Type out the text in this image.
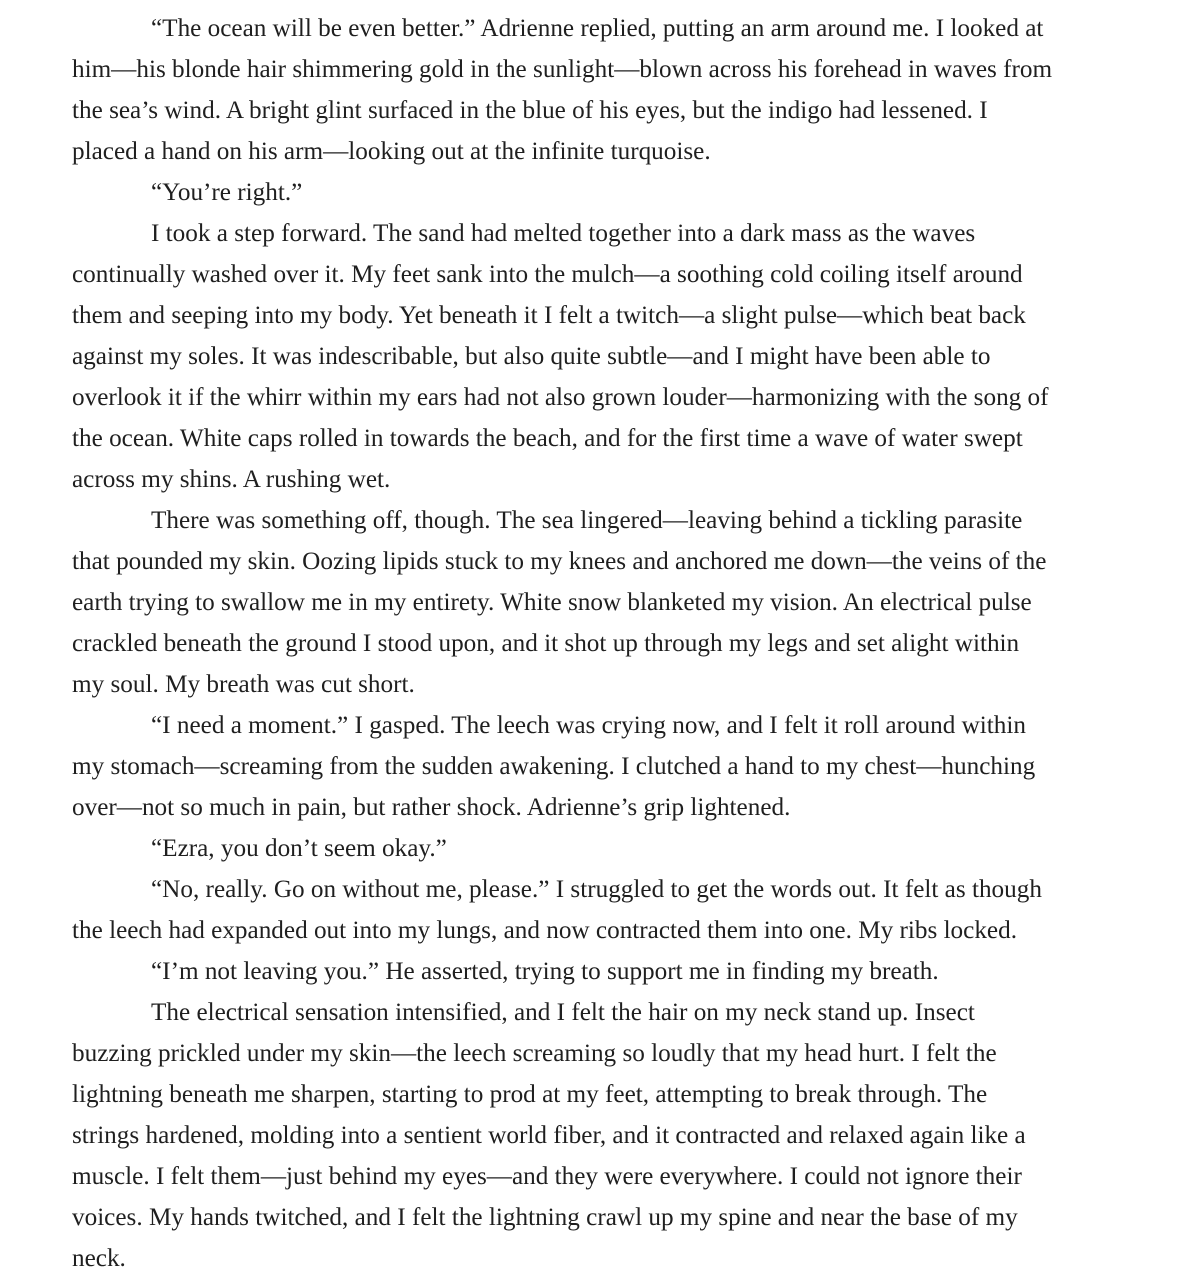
“The ocean will be even better.” Adrienne replied, putting an arm around me. I looked at
him—his blonde hair shimmering gold in the sunlight—blown across his forehead in waves from
the sea’s wind. A bright glint surfaced in the blue of his eyes, but the indigo had lessened. I
placed a hand on his arm—looking out at the infinite turquoise.
“You’re right.”
I took a step forward. The sand had melted together into a dark mass as the waves
continually washed over it. My feet sank into the mulch—a soothing cold coiling itself around
them and seeping into my body. Yet beneath it I felt a twitch—a slight pulse—which beat back
against my soles. It was indescribable, but also quite subtle—and I might have been able to
overlook it if the whirr within my ears had not also grown louder—harmonizing with the song of
the ocean. White caps rolled in towards the beach, and for the first time a wave of water swept
across my shins. A rushing wet.
There was something off, though. The sea lingered—leaving behind a tickling parasite
that pounded my skin. Oozing lipids stuck to my knees and anchored me down—the veins of the
earth trying to swallow me in my entirety. White snow blanketed my vision. An electrical pulse
crackled beneath the ground I stood upon, and it shot up through my legs and set alight within
my soul. My breath was cut short.
“I need a moment.” I gasped. The leech was crying now, and I felt it roll around within
my stomach—screaming from the sudden awakening. I clutched a hand to my chest—hunching
over—not so much in pain, but rather shock. Adrienne’s grip lightened.
“Ezra, you don’t seem okay.”
“No, really. Go on without me, please.” I struggled to get the words out. It felt as though
the leech had expanded out into my lungs, and now contracted them into one. My ribs locked.
“I’m not leaving you.” He asserted, trying to support me in finding my breath.
The electrical sensation intensified, and I felt the hair on my neck stand up. Insect
buzzing prickled under my skin—the leech screaming so loudly that my head hurt. I felt the
lightning beneath me sharpen, starting to prod at my feet, attempting to break through. The
strings hardened, molding into a sentient world fiber, and it contracted and relaxed again like a
muscle. I felt them—just behind my eyes—and they were everywhere. I could not ignore their
voices. My hands twitched, and I felt the lightning crawl up my spine and near the base of my
neck.
